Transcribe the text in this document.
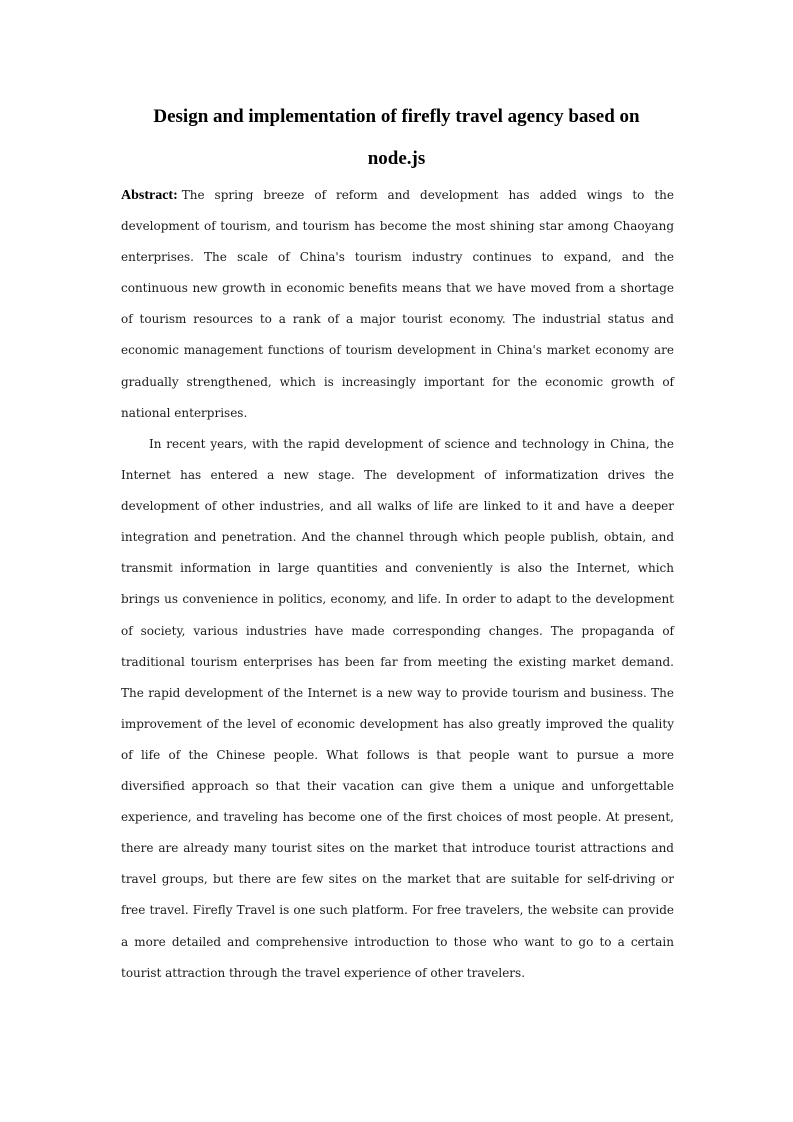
Design and implementation of firefly travel agency based on
node.js

Abstract: The spring breeze of reform and development has added wings to the development of tourism, and tourism has become the most shining star among Chaoyang enterprises. The scale of China's tourism industry continues to expand, and the continuous new growth in economic benefits means that we have moved from a shortage of tourism resources to a rank of a major tourist economy. The industrial status and economic management functions of tourism development in China's market economy are gradually strengthened, which is increasingly important for the economic growth of national enterprises.

In recent years, with the rapid development of science and technology in China, the Internet has entered a new stage. The development of informatization drives the development of other industries, and all walks of life are linked to it and have a deeper integration and penetration. And the channel through which people publish, obtain, and transmit information in large quantities and conveniently is also the Internet, which brings us convenience in politics, economy, and life. In order to adapt to the development of society, various industries have made corresponding changes. The propaganda of traditional tourism enterprises has been far from meeting the existing market demand. The rapid development of the Internet is a new way to provide tourism and business. The improvement of the level of economic development has also greatly improved the quality of life of the Chinese people. What follows is that people want to pursue a more diversified approach so that their vacation can give them a unique and unforgettable experience, and traveling has become one of the first choices of most people. At present, there are already many tourist sites on the market that introduce tourist attractions and travel groups, but there are few sites on the market that are suitable for self-driving or free travel. Firefly Travel is one such platform. For free travelers, the website can provide a more detailed and comprehensive introduction to those who want to go to a certain tourist attraction through the travel experience of other travelers.
